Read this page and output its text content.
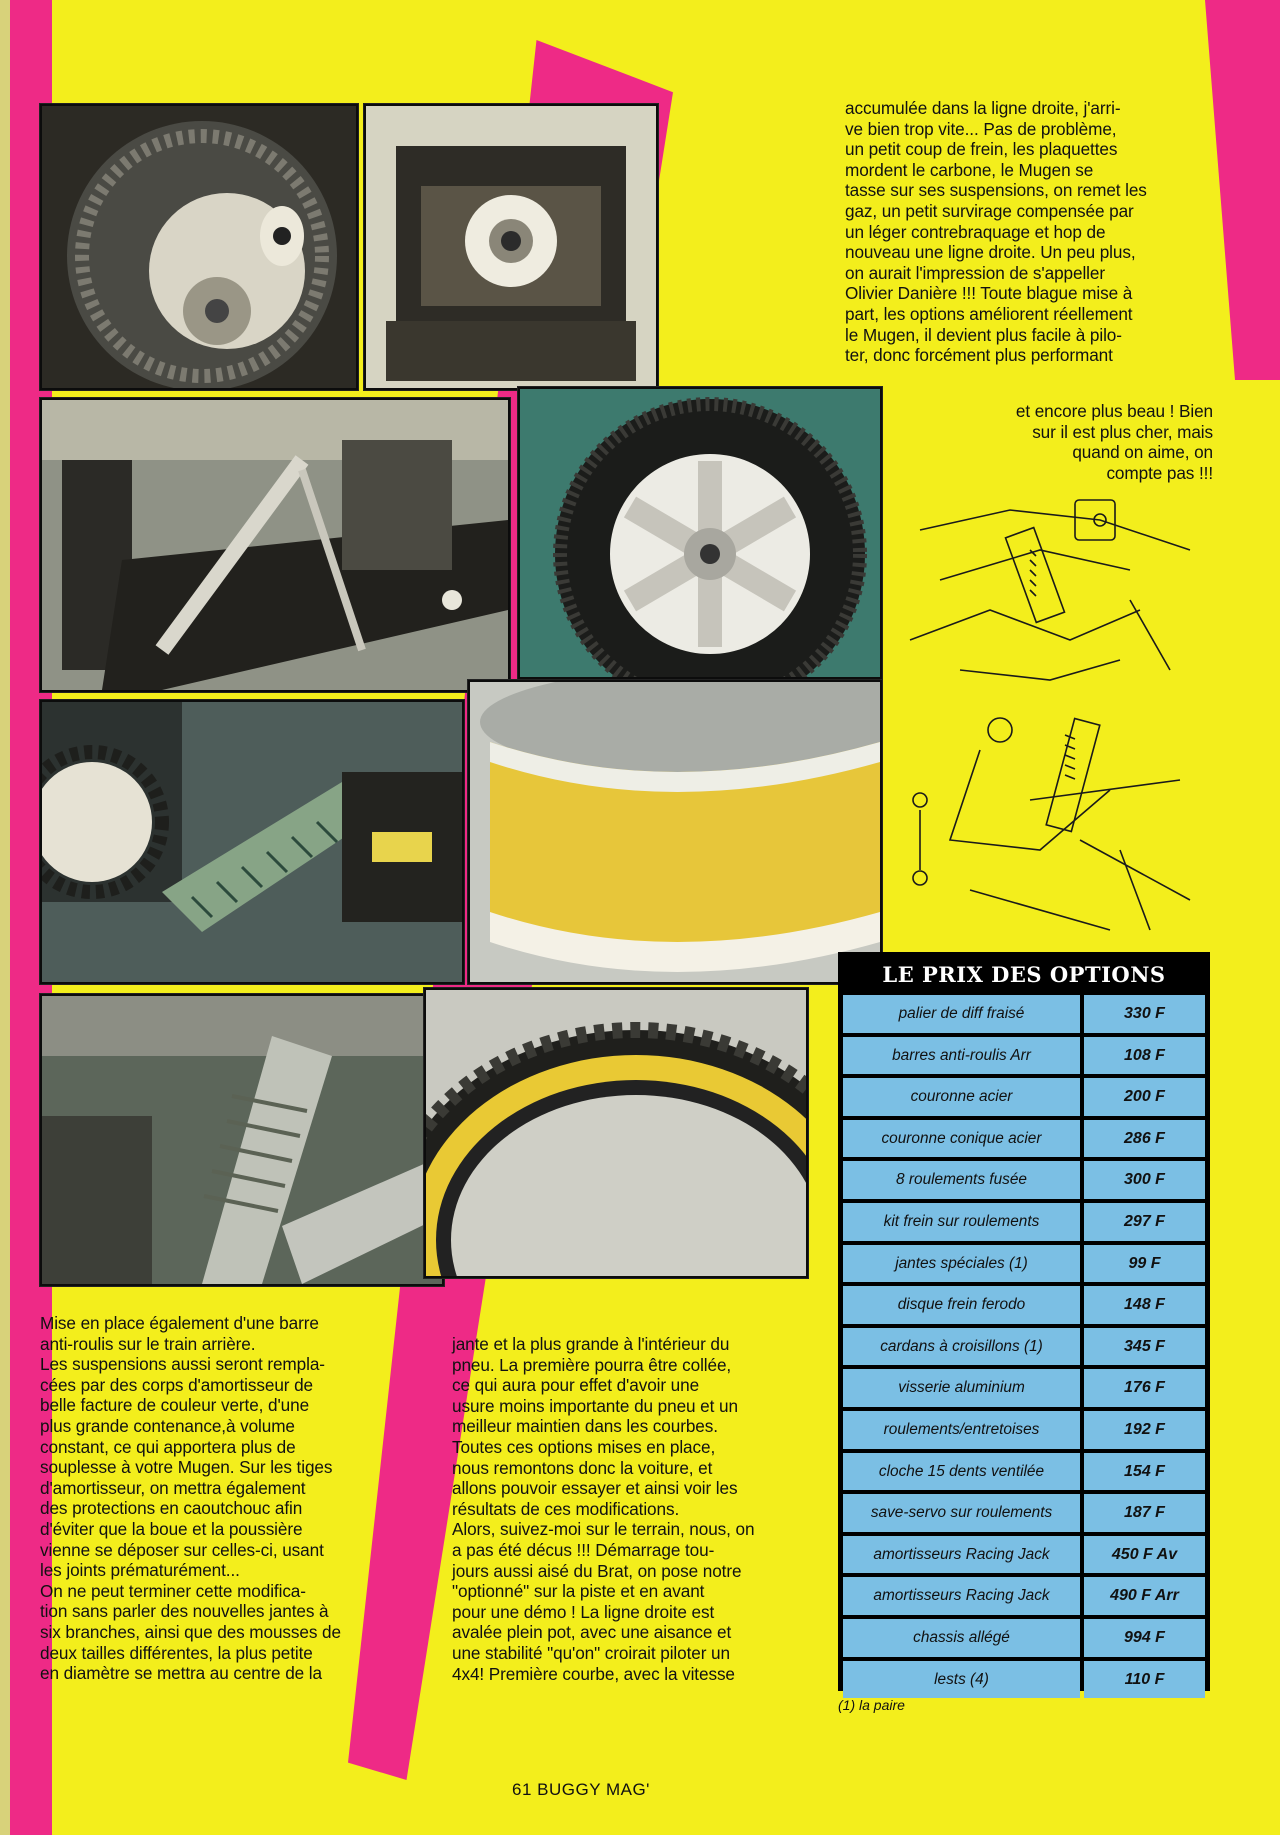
accumulée dans la ligne droite, j'arri-
ve bien trop vite... Pas de problème,
un petit coup de frein, les plaquettes
mordent le carbone, le Mugen se
tasse sur ses suspensions, on remet les
gaz, un petit survirage compensée par
un léger contrebraquage et hop de
nouveau une ligne droite. Un peu plus,
on aurait l'impression de s'appeller
Olivier Danière !!! Toute blague mise à
part, les options améliorent réellement
le Mugen, il devient plus facile à pilo-
ter, donc forcément plus performant
et encore plus beau ! Bien
sur il est plus cher, mais
quand on aime, on
compte pas !!!
Mise en place également d'une barre
anti-roulis sur le train arrière.
Les suspensions aussi seront rempla-
cées par des corps d'amortisseur de
belle facture de couleur verte, d'une
plus grande contenance,à volume
constant, ce qui apportera plus de
souplesse à votre Mugen. Sur les tiges
d'amortisseur, on mettra également
des protections en caoutchouc afin
d'éviter que la boue et la poussière
vienne se déposer sur celles-ci, usant
les joints prématurément...
On ne peut terminer cette modifica-
tion sans parler des nouvelles jantes à
six branches, ainsi que des mousses de
deux tailles différentes, la plus petite
en diamètre se mettra au centre de la
jante et la plus grande à l'intérieur du
pneu. La première pourra être collée,
ce qui aura pour effet d'avoir une
usure moins importante du pneu et un
meilleur maintien dans les courbes.
Toutes ces options mises en place,
nous remontons donc la voiture, et
allons pouvoir essayer et ainsi voir les
résultats de ces modifications.
Alors, suivez-moi sur le terrain, nous, on
a pas été décus !!! Démarrage tou-
jours aussi aisé du Brat, on pose notre
"optionné" sur la piste et en avant
pour une démo ! La ligne droite est
avalée plein pot, avec une aisance et
une stabilité "qu'on" croirait piloter un
4x4! Première courbe, avec la vitesse
LE PRIX DES OPTIONS
palier de diff fraisé	330 F
barres anti-roulis Arr	108 F
couronne acier	200 F
couronne conique acier	286 F
8 roulements fusée	300 F
kit frein sur roulements	297 F
jantes spéciales (1)	99 F
disque frein ferodo	148 F
cardans à croisillons (1)	345 F
visserie aluminium	176 F
roulements/entretoises	192 F
cloche 15 dents ventilée	154 F
save-servo sur roulements	187 F
amortisseurs Racing Jack	450 F Av
amortisseurs Racing Jack	490 F Arr
chassis allégé	994 F
lests (4)	110 F
(1) la paire
61 BUGGY MAG'
